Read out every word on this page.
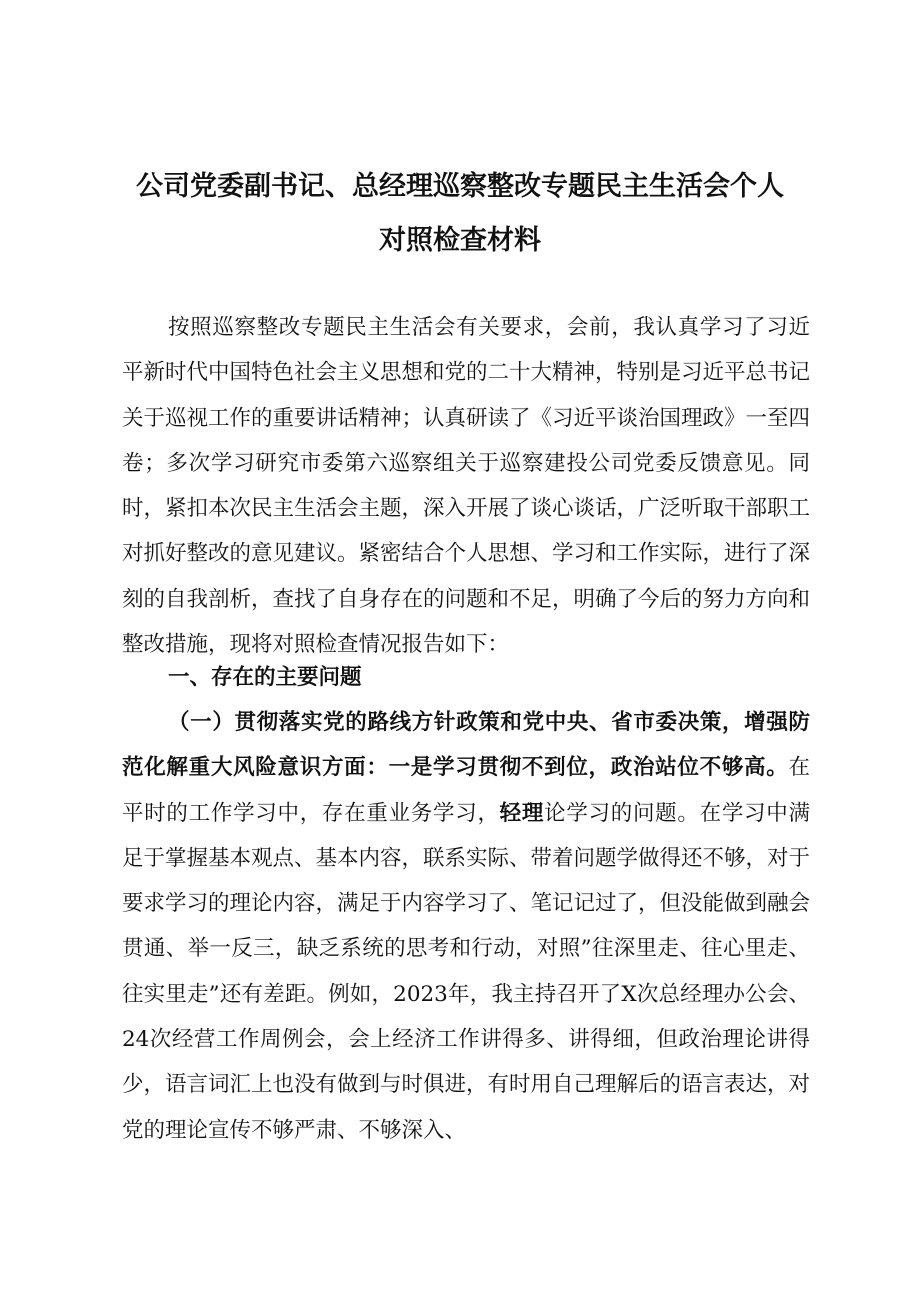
公司党委副书记、总经理巡察整改专题民主生活会个人
对照检查材料

按照巡察整改专题民主生活会有关要求，会前，我认真学习了习近平新时代中国特色社会主义思想和党的二十大精神，特别是习近平总书记关于巡视工作的重要讲话精神；认真研读了《习近平谈治国理政》一至四卷；多次学习研究市委第六巡察组关于巡察建投公司党委反馈意见。同时，紧扣本次民主生活会主题，深入开展了谈心谈话，广泛听取干部职工对抓好整改的意见建议。紧密结合个人思想、学习和工作实际，进行了深刻的自我剖析，查找了自身存在的问题和不足，明确了今后的努力方向和整改措施，现将对照检查情况报告如下：

一、存在的主要问题

（一）贯彻落实党的路线方针政策和党中央、省市委决策，增强防范化解重大风险意识方面：一是学习贯彻不到位，政治站位不够高。在平时的工作学习中，存在重业务学习，轻理论学习的问题。在学习中满足于掌握基本观点、基本内容，联系实际、带着问题学做得还不够，对于要求学习的理论内容，满足于内容学习了、笔记记过了，但没能做到融会贯通、举一反三，缺乏系统的思考和行动，对照”往深里走、往心里走、往实里走”还有差距。例如，2023年，我主持召开了X次总经理办公会、24次经营工作周例会，会上经济工作讲得多、讲得细，但政治理论讲得少，语言词汇上也没有做到与时俱进，有时用自己理解后的语言表达，对党的理论宣传不够严肃、不够深入、
